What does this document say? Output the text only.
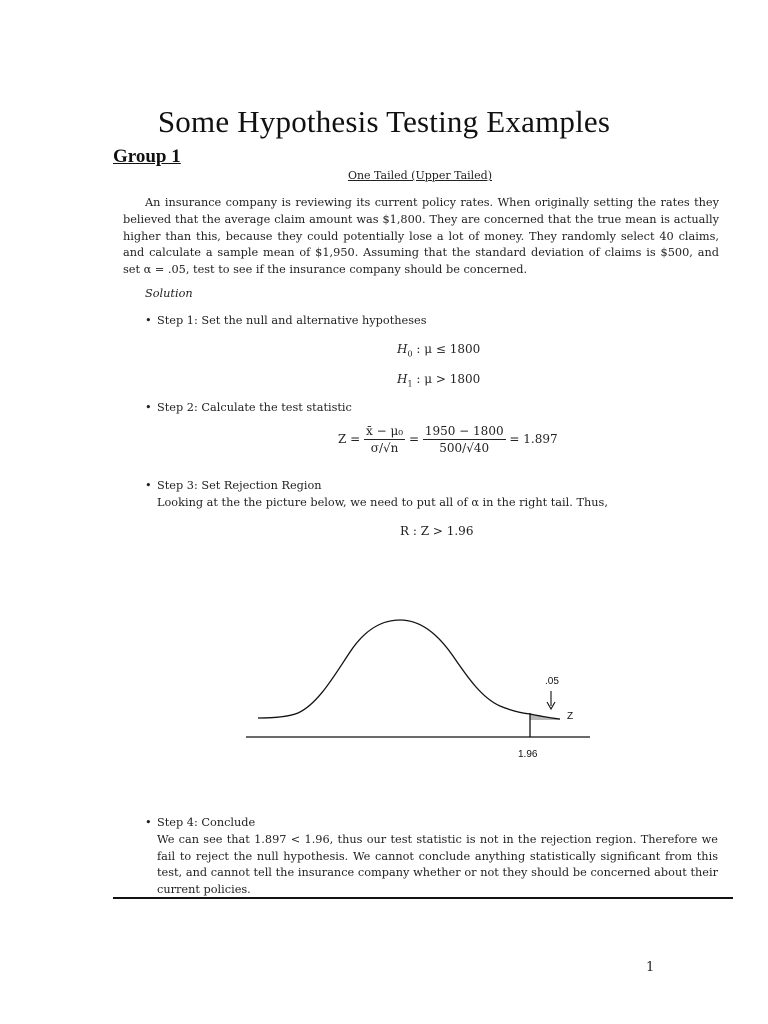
Some Hypothesis Testing Examples
Group 1
One Tailed (Upper Tailed)
An insurance company is reviewing its current policy rates. When originally setting the rates they believed that the average claim amount was $1,800. They are concerned that the true mean is actually higher than this, because they could potentially lose a lot of money. They randomly select 40 claims, and calculate a sample mean of $1,950. Assuming that the standard deviation of claims is $500, and set α = .05, test to see if the insurance company should be concerned.
Solution
• Step 1: Set the null and alternative hypotheses
$H_0$ : μ ≤ 1800
$H_1$ : μ > 1800
• Step 2: Calculate the test statistic
$Z = \frac{\text{x̄ − μ₀}}{\sigma/√n} = \frac{1950 - 1800}{500/√40} = 1.897$
• Step 3: Set Rejection Region
Looking at the the picture below, we need to put all of α in the right tail. Thus,
R : Z > 1.96
.05
Z
1.96
• Step 4: Conclude
We can see that 1.897 < 1.96, thus our test statistic is not in the rejection region. Therefore we fail to reject the null hypothesis. We cannot conclude anything statistically significant from this test, and cannot tell the insurance company whether or not they should be concerned about their current policies.
1
